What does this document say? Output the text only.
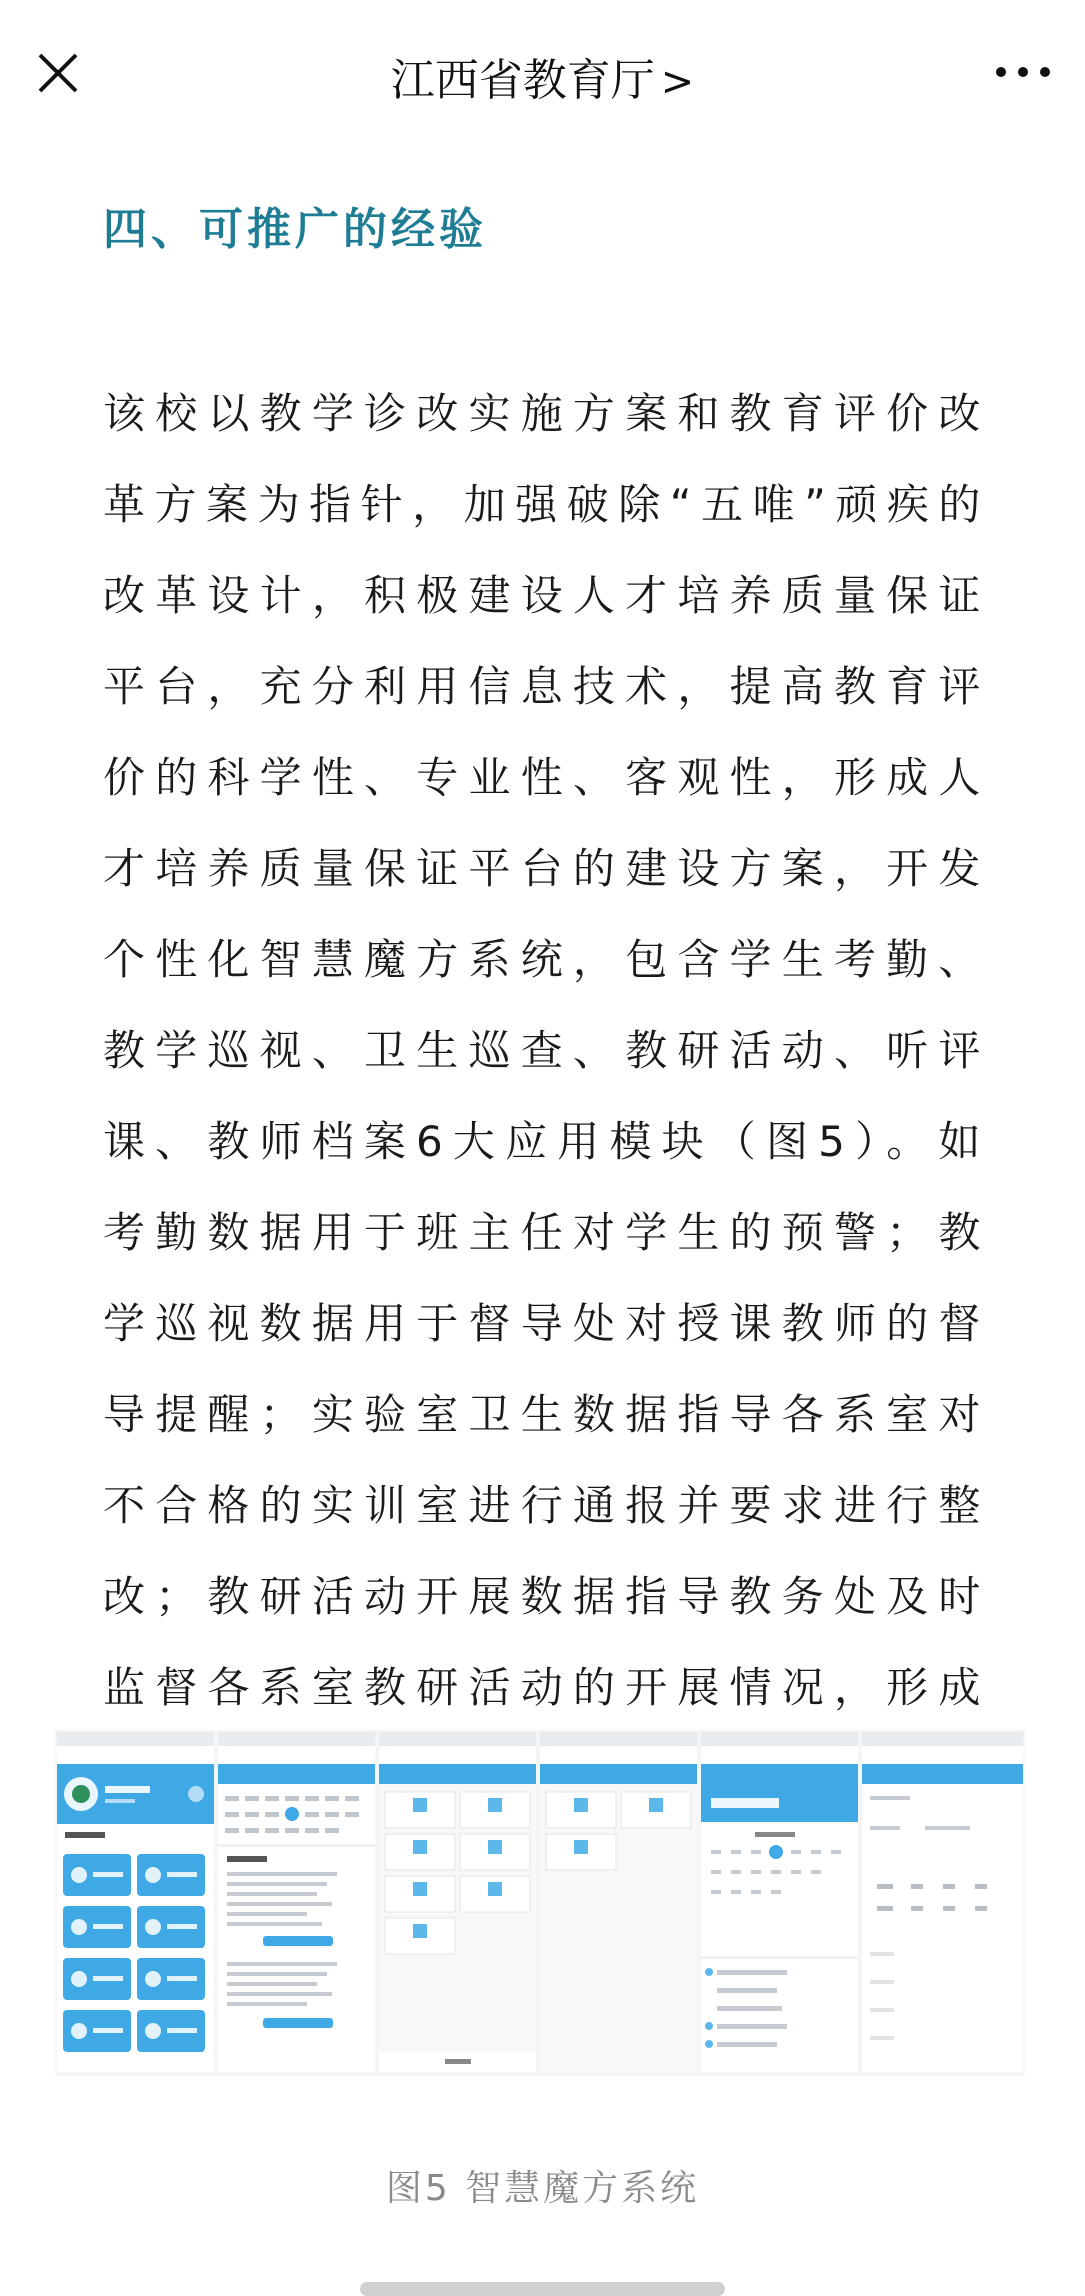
江西省教育厅 >
四、可推广的经验
该校以教学诊改实施方案和教育评价改革方案为指针，加强破除“五唯”顽疾的改革设计，积极建设人才培养质量保证平台，充分利用信息技术，提高教育评价的科学性、专业性、客观性，形成人才培养质量保证平台的建设方案，开发个性化智慧魔方系统，包含学生考勤、教学巡视、卫生巡查、教研活动、听评课、教师档案6大应用模块（图5）。如考勤数据用于班主任对学生的预警；教学巡视数据用于督导处对授课教师的督导提醒；实验室卫生数据指导各系室对不合格的实训室进行通报并要求进行整改；教研活动开展数据指导教务处及时监督各系室教研活动的开展情况，形成
图5 智慧魔方系统
